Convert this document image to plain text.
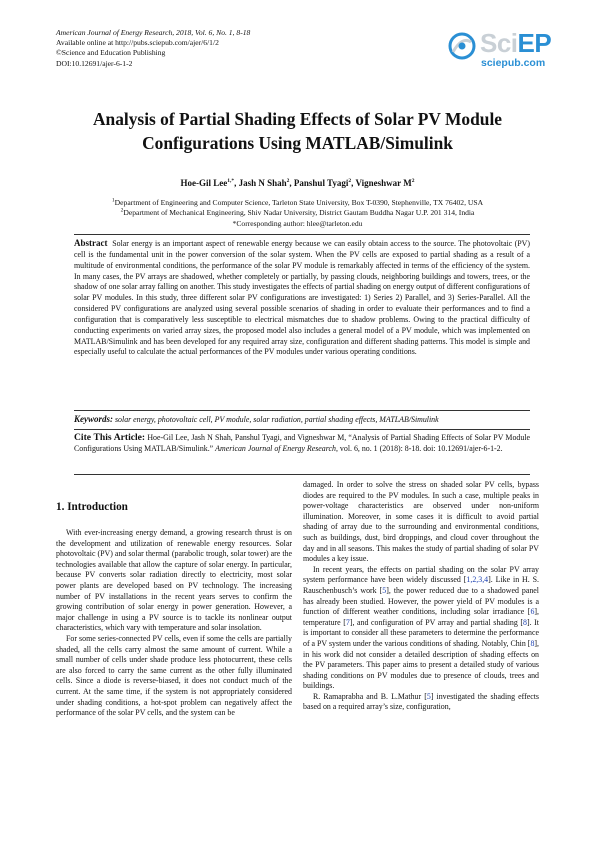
American Journal of Energy Research, 2018, Vol. 6, No. 1, 8-18
Available online at http://pubs.sciepub.com/ajer/6/1/2
©Science and Education Publishing
DOI:10.12691/ajer-6-1-2
SciEP
sciepub.com
Analysis of Partial Shading Effects of Solar PV Module
Configurations Using MATLAB/Simulink
Hoe-Gil Lee$^{1,*}$, Jash N Shah$^2$, Panshul Tyagi$^2$, Vigneshwar $M^2$
$^1$Department of Engineering and Computer Science, Tarleton State University, Box T-0390, Stephenville, TX 76402, USA
$^2$Department of Mechanical Engineering, Shiv Nadar University, District Gautam Buddha Nagar U.P. 201 314, India
*Corresponding author: hlee@tarleton.edu
Abstract Solar energy is an important aspect of renewable energy because we can easily obtain access to the source. The photovoltaic (PV) cell is the fundamental unit in the power conversion of the solar system. When the PV cells are exposed to partial shading as a result of a multitude of environmental conditions, the performance of the solar PV module is remarkably affected in terms of the efficiency of the system. In many cases, the PV arrays are shadowed, whether completely or partially, by passing clouds, neighboring buildings and towers, trees, or the shadow of one solar array falling on another. This study investigates the effects of partial shading on energy output of different configurations of solar PV modules. In this study, three different solar PV configurations are investigated: 1) Series 2) Parallel, and 3) Series-Parallel. All the considered PV configurations are analyzed using several possible scenarios of shading in order to evaluate their performances and to find a configuration that is comparatively less susceptible to electrical mismatches due to shadow problems. Owing to the practical difficulty of conducting experiments on varied array sizes, the proposed model also includes a general model of a PV module, which was implemented on MATLAB/Simulink and has been developed for any required array size, configuration and different shading patterns. This model is simple and especially useful to calculate the actual performances of the PV modules under various operating conditions.
Keywords: solar energy, photovoltaic cell, PV module, solar radiation, partial shading effects, MATLAB/Simulink
Cite This Article: Hoe-Gil Lee, Jash N Shah, Panshul Tyagi, and Vigneshwar M, “Analysis of Partial Shading Effects of Solar PV Module Configurations Using MATLAB/Simulink.” American Journal of Energy Research, vol. 6, no. 1 (2018): 8-18. doi: 10.12691/ajer-6-1-2.
1. Introduction

With ever-increasing energy demand, a growing research thrust is on the development and utilization of renewable energy resources. Solar photovoltaic (PV) and solar thermal (parabolic trough, solar tower) are the technologies available that allow the capture of solar energy. In particular, because PV converts solar radiation directly to electricity, most solar power plants are developed based on PV technology. The increasing number of PV installations in the recent years serves to confirm the growing contribution of solar energy in power generation. However, a major challenge in using a PV source is to tackle its nonlinear output characteristics, which vary with temperature and solar insolation.

For some series-connected PV cells, even if some the cells are partially shaded, all the cells carry almost the same amount of current. While a small number of cells under shade produce less photocurrent, these cells are also forced to carry the same current as the other fully illuminated cells. Since a diode is reverse-biased, it does not conduct much of the current. At the same time, if the system is not appropriately considered under shading conditions, a hot-spot problem can negatively affect the performance of the solar PV cells, and the system can be

damaged. In order to solve the stress on shaded solar PV cells, bypass diodes are required to the PV modules. In such a case, multiple peaks in power-voltage characteristics are observed under non-uniform illumination. Moreover, in some cases it is difficult to avoid partial shading of array due to the surrounding and environmental conditions, such as buildings, dust, bird droppings, and cloud cover throughout the day and in all seasons. This makes the study of partial shading of solar PV modules a key issue.

In recent years, the effects on partial shading on the solar PV array system performance have been widely discussed [1,2,3,4]. Like in H. S. Rauschenbusch’s work [5], the power reduced due to a shadowed panel has already been studied. However, the power yield of PV modules is a function of different weather conditions, including solar irradiance [6], temperature [7], and configuration of PV array and partial shading [8]. It is important to consider all these parameters to determine the performance of a PV system under the various conditions of shading. Notably, Chin [8], in his work did not consider a detailed description of shading effects on the PV parameters. This paper aims to present a detailed study of various shading conditions on PV modules due to presence of clouds, trees and buildings.

R. Ramaprabha and B. L.Mathur [5] investigated the shading effects based on a required array’s size, configuration,
